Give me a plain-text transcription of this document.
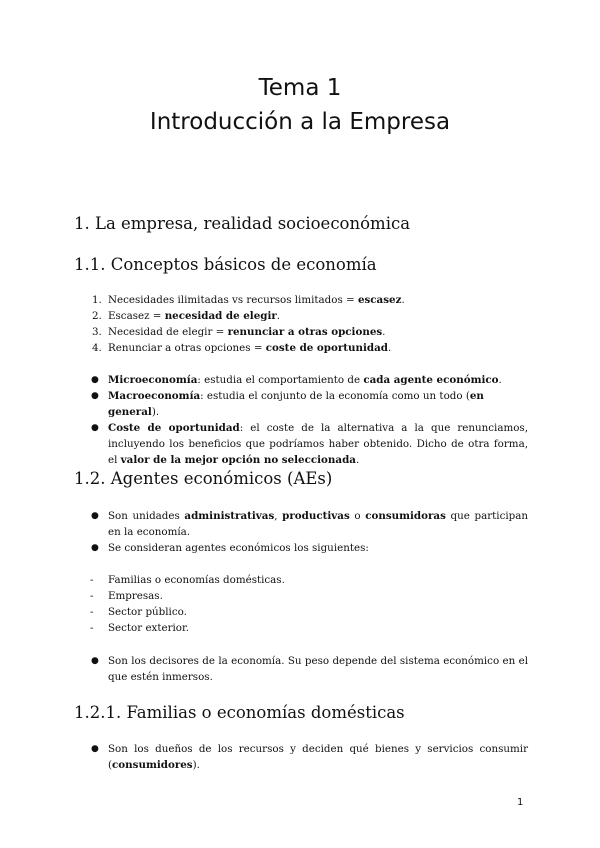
Tema 1
Introducción a la Empresa
1. La empresa, realidad socioeconómica
1.1. Conceptos básicos de economía
1. Necesidades ilimitadas vs recursos limitados = escasez.
2. Escasez = necesidad de elegir.
3. Necesidad de elegir = renunciar a otras opciones.
4. Renunciar a otras opciones = coste de oportunidad.
● Microeconomía: estudia el comportamiento de cada agente económico.
● Macroeconomía: estudia el conjunto de la economía como un todo (en general).
● Coste de oportunidad: el coste de la alternativa a la que renunciamos, incluyendo los beneficios que podríamos haber obtenido. Dicho de otra forma, el valor de la mejor opción no seleccionada.
1.2. Agentes económicos (AEs)
● Son unidades administrativas, productivas o consumidoras que participan en la economía.
● Se consideran agentes económicos los siguientes:
- Familias o economías domésticas.
- Empresas.
- Sector público.
- Sector exterior.
● Son los decisores de la economía. Su peso depende del sistema económico en el que estén inmersos.
1.2.1. Familias o economías domésticas
● Son los dueños de los recursos y deciden qué bienes y servicios consumir (consumidores).
1
